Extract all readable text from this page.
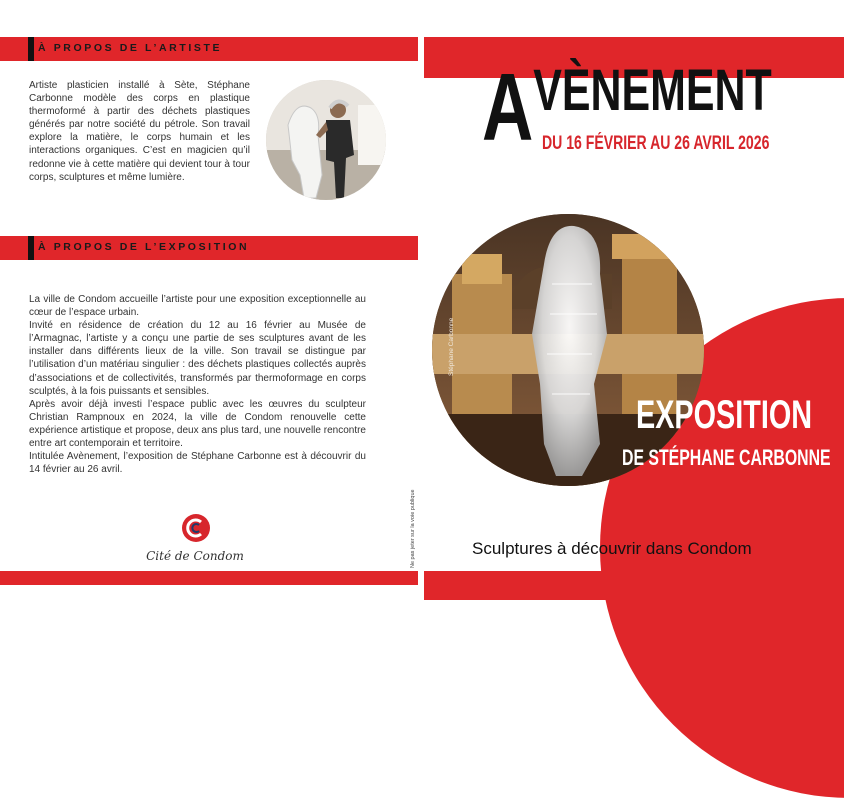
À PROPOS DE L’ARTISTE
Artiste plasticien installé à Sète, Stéphane Carbonne modèle des corps en plastique thermoformé à partir des déchets plastiques générés par notre société du pétrole. Son travail explore la matière, le corps humain et les interactions organiques. C’est en magicien qu’il redonne vie à cette matière qui devient tour à tour corps, sculptures et même lumière.
À PROPOS DE L’EXPOSITION

La ville de Condom accueille l’artiste pour une exposition exceptionnelle au cœur de l’espace urbain.

Invité en résidence de création du 12 au 16 février au Musée de l’Armagnac, l’artiste y a conçu une partie de ses sculptures avant de les installer dans différents lieux de la ville. Son travail se distingue par l’utilisation d’un matériau singulier : des déchets plastiques collectés auprès d’associations et de collectivités, transformés par thermoformage en corps sculptés, à la fois puissants et sensibles.

Après avoir déjà investi l’espace public avec les œuvres du sculpteur Christian Rampnoux en 2024, la ville de Condom renouvelle cette expérience artistique et propose, deux ans plus tard, une nouvelle rencontre entre art contemporain et territoire.

Intitulée Avènement, l’exposition de Stéphane Carbonne est à découvrir du 14 février au 26 avril.

Cité de Condom	Ne pas jeter sur la voie publique
AVÈNEMENT
DU 16 FÉVRIER AU 26 AVRIL 2026
Stéphane Carbonne
EXPOSITION
DE STÉPHANE CARBONNE
Sculptures à découvrir dans Condom
